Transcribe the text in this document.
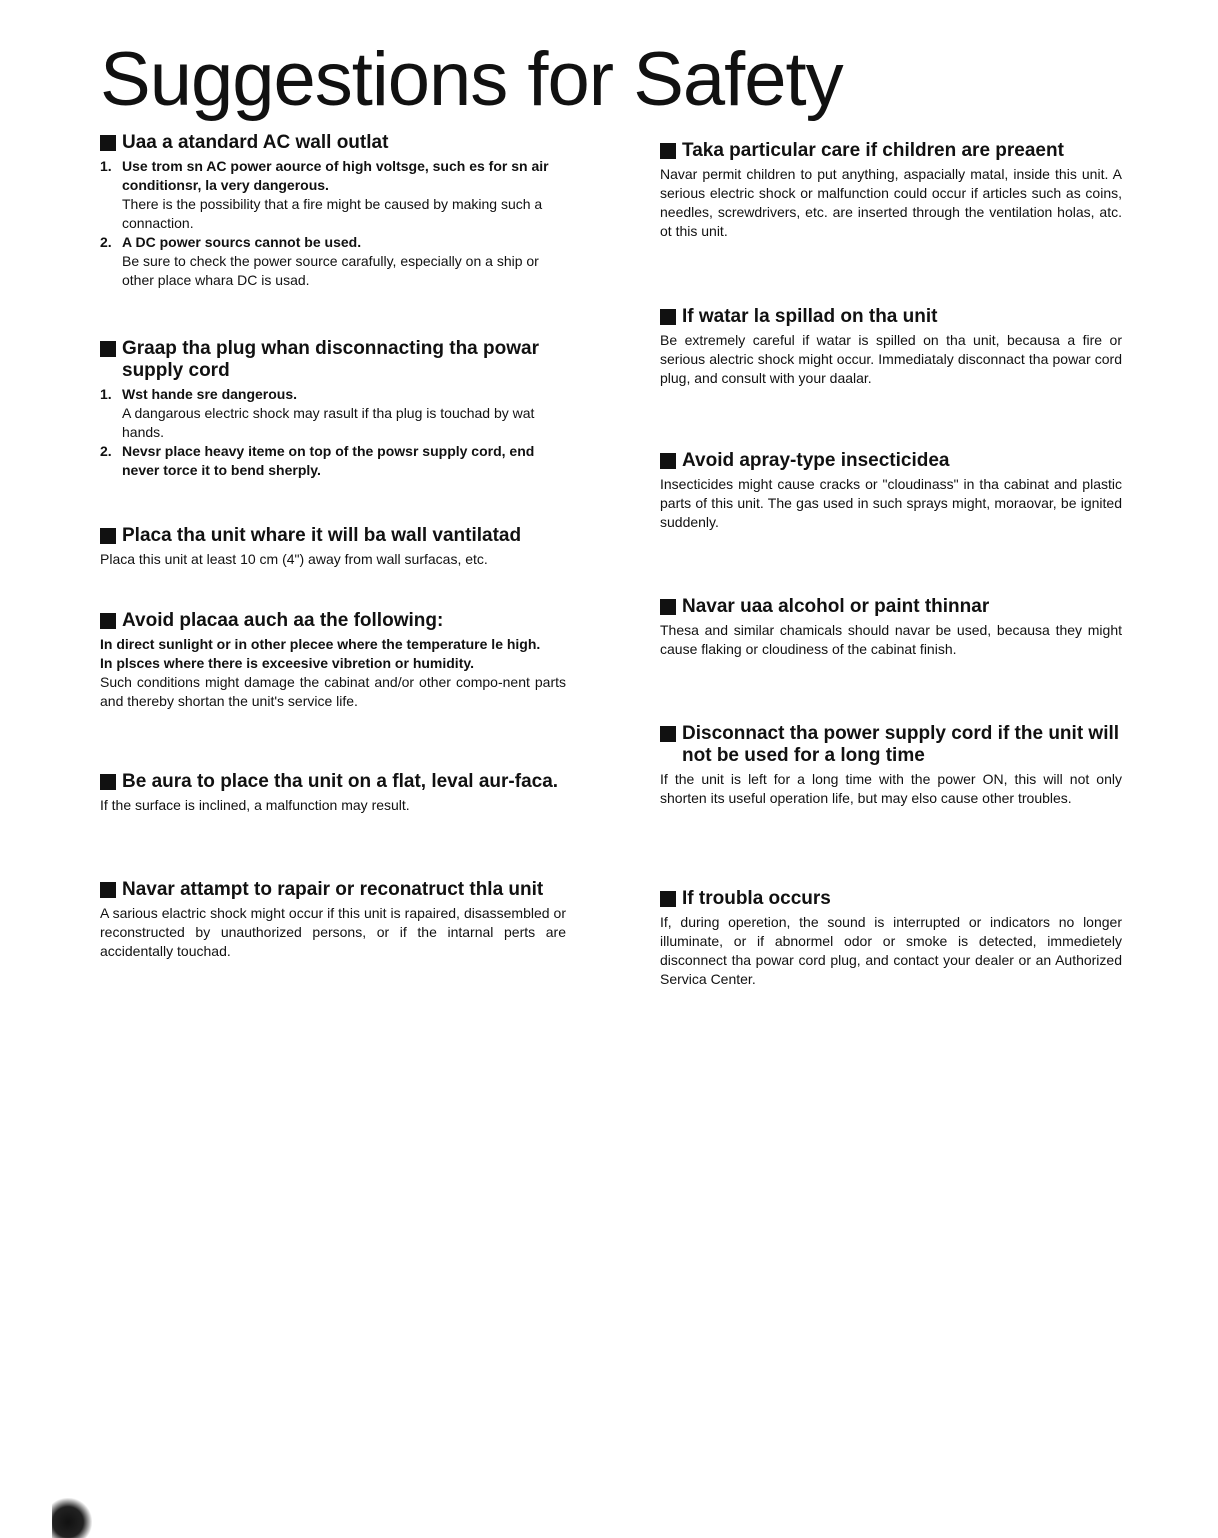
Suggestions for Safety
Uaa a atandard AC wall outlat
1. Use trom sn AC power aource of high voltsge, such es for sn air conditionsr, la very dangerous.

There is the possibility that a fire might be caused by making such a connaction.

2. A DC power sourcs cannot be used.

Be sure to check the power source carafully, especially on a ship or other place whara DC is usad.

Graap tha plug whan disconnacting tha powar supply cord
1. Wst hande sre dangerous.

A dangarous electric shock may rasult if tha plug is touchad by wat hands.

2. Nevsr place heavy iteme on top of the powsr supply cord, end never torce it to bend sherply.

Placa tha unit whare it will ba wall vantilatad

Placa this unit at least 10 cm (4") away from wall surfacas, etc.

Avoid placaa auch aa the following:

In direct sunlight or in other plecee where the temperature le high.

In plsces where there is exceesive vibretion or humidity.

Such conditions might damage the cabinat and/or other compo-nent parts and thereby shortan the unit's service life.

Be aura to place tha unit on a flat, leval aur-faca.

If the surface is inclined, a malfunction may result.

Navar attampt to rapair or reconatruct thla unit

A sarious elactric shock might occur if this unit is rapaired, disassembled or reconstructed by unauthorized persons, or if the intarnal perts are accidentally touchad.

Taka particular care if children are preaent

Navar permit children to put anything, aspacially matal, inside this unit. A serious electric shock or malfunction could occur if articles such as coins, needles, screwdrivers, etc. are inserted through the ventilation holas, atc. ot this unit.

If watar la spillad on tha unit

Be extremely careful if watar is spilled on tha unit, becausa a fire or serious alectric shock might occur. Immediataly disconnact tha powar cord plug, and consult with your daalar.

Avoid apray-type insecticidea

Insecticides might cause cracks or "cloudinass" in tha cabinat and plastic parts of this unit. The gas used in such sprays might, moraovar, be ignited suddenly.

Navar uaa alcohol or paint thinnar

Thesa and similar chamicals should navar be used, becausa they might cause flaking or cloudiness of the cabinat finish.

Disconnact tha power supply cord if the unit will not be used for a long time

If the unit is left for a long time with the power ON, this will not only shorten its useful operation life, but may elso cause other troubles.

If troubla occurs

If, during operetion, the sound is interrupted or indicators no longer illuminate, or if abnormel odor or smoke is detected, immedietely disconnect tha powar cord plug, and contact your dealer or an Authorized Servica Center.
